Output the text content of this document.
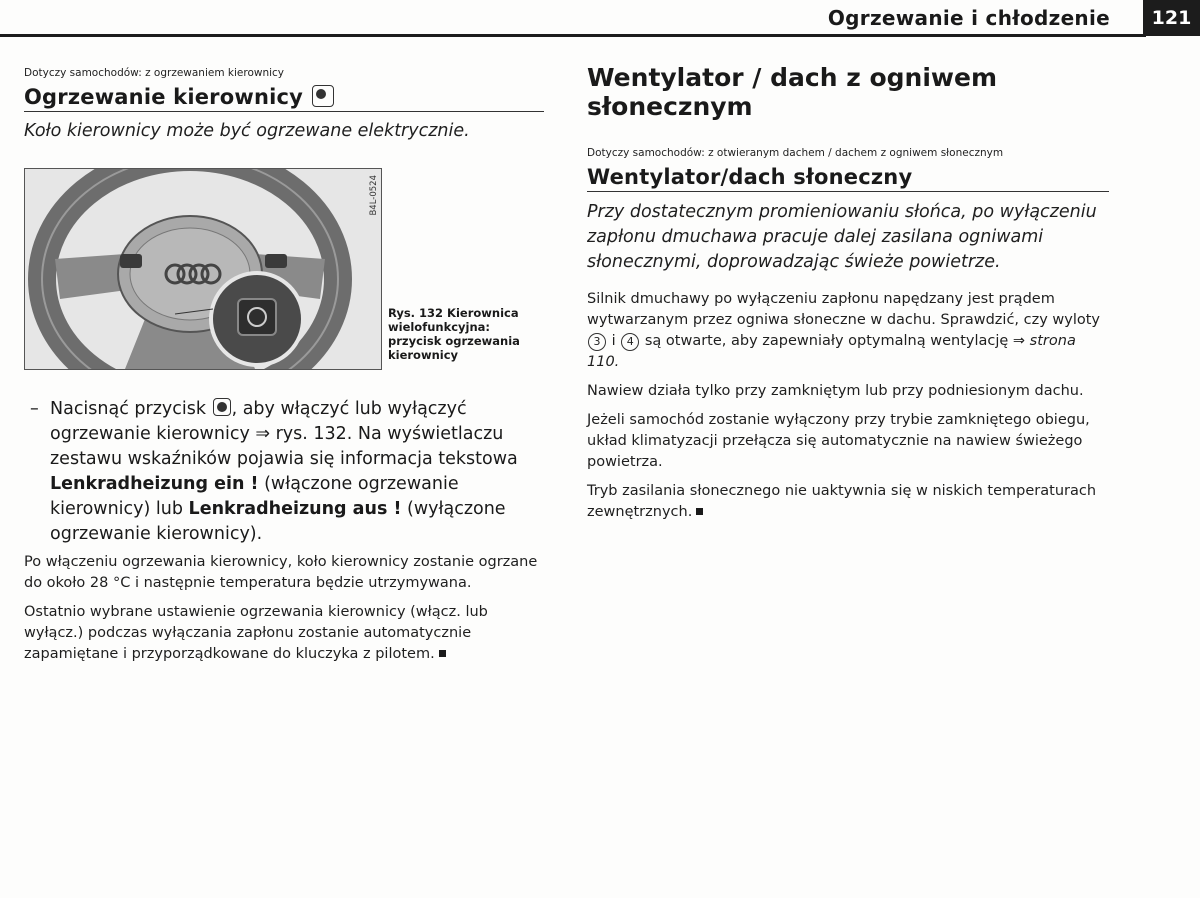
Ogrzewanie i chłodzenie	121
Dotyczy samochodów: z ogrzewaniem kierownicy
Ogrzewanie kierownicy
Koło kierownicy może być ogrzewane elektrycznie.
B4L-0524
Rys. 132 Kierownica wielofunkcyjna: przycisk ogrzewania kierownicy
– Nacisnąć przycisk , aby włączyć lub wyłączyć ogrzewanie kierownicy ⇒ rys. 132. Na wyświetlaczu zestawu wskaźników pojawia się informacja tekstowa Lenkradheizung ein ! (włączone ogrzewanie kierownicy) lub Lenkradheizung aus ! (wyłączone ogrzewanie kierownicy).

Po włączeniu ogrzewania kierownicy, koło kierownicy zostanie ogrzane do około 28 °C i następnie temperatura będzie utrzymywana.

Ostatnio wybrane ustawienie ogrzewania kierownicy (włącz. lub wyłącz.) podczas wyłączania zapłonu zostanie automatycznie zapamiętane i przyporządkowane do kluczyka z pilotem.

Wentylator / dach z ogniwem słonecznym
Dotyczy samochodów: z otwieranym dachem / dachem z ogniwem słonecznym
Wentylator/dach słoneczny
Przy dostatecznym promieniowaniu słońca, po wyłączeniu zapłonu dmuchawa pracuje dalej zasilana ogniwami słonecznymi, doprowadzając świeże powietrze.

Silnik dmuchawy po wyłączeniu zapłonu napędzany jest prądem wytwarzanym przez ogniwa słoneczne w dachu. Sprawdzić, czy wyloty 3 i 4 są otwarte, aby zapewniały optymalną wentylację ⇒ strona 110.

Nawiew działa tylko przy zamkniętym lub przy podniesionym dachu.

Jeżeli samochód zostanie wyłączony przy trybie zamkniętego obiegu, układ klimatyzacji przełącza się automatycznie na nawiew świeżego powietrza.

Tryb zasilania słonecznego nie uaktywnia się w niskich temperaturach zewnętrznych.
